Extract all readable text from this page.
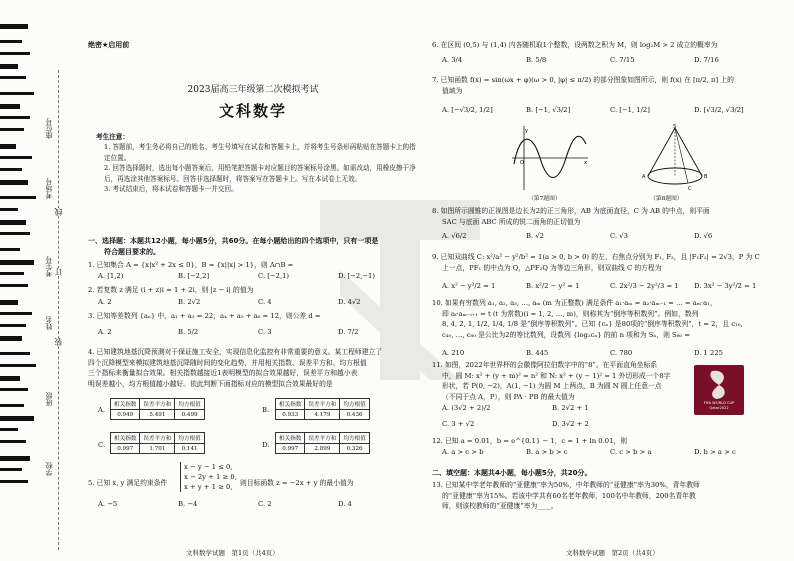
座位号
考场号
考生号
姓名
班级
学校
线
订
装
绝密★启用前
2023届高三年级第二次模拟考试
文科数学
考生注意：
1. 答题前，考生务必将自己的姓名、考生号填写在试卷和答题卡上，并将考生号条形码粘贴在答题卡上的指定位置。
2. 回答选择题时，选出每小题答案后，用铅笔把答题卡对应题目的答案标号涂黑。如需改动，用橡皮擦干净后，再选涂其他答案标号。回答非选择题时，将答案写在答题卡上。写在本试卷上无效。
3. 考试结束后，将本试卷和答题卡一并交回。
一、选择题：本题共12小题，每小题5分，共60分。在每小题给出的四个选项中，只有一项是
符合题目要求的。
1. 已知集合 A = {x|x² + 2x ≤ 0}，B = {x||x| > 1}，则 A∩B =
A. [1,2)	B. [−2,2]	C. [−2,1)	D. [−2,−1)
2. 若复数 z 满足 (i + z)i = 1 + 2i，则 |z − i| 的值为
A. 2	B. 2√2	C. 4	D. 4√2
3. 已知等差数列 {aₙ} 中，a₁ + a₃ = 22，a₄ + a₅ + a₆ = 12，则公差 d =
A. 2	B. 5/2	C. 3	D. 7/2
4. 已知建筑地基沉降预测对于保证施工安全，实现信息化监控有非常重要的意义。某工程师建立了
四个沉降模型来模拟建筑地基沉降随时间的变化趋势，并用相关指数、误差平方和、均方根值
三个指标来衡量拟合效果。相关指数越接近1表明模型的拟合效果越好，误差平方和越小表
明误差越小，均方根值越小越好。依此判断下面指标对应的模型拟合效果最好的是
A.
相关指数	误差平方和	均方根值
0.949	5.491	0.499
B.
相关指数	误差平方和	均方根值
0.933	4.179	0.436
C.
相关指数	误差平方和	均方根值
0.997	1.701	0.141	D.
相关指数	误差平方和	均方根值
0.997	2.899	0.326
5. 已知 x, y 满足约束条件
x − y − 1 ≤ 0,
x − 2y + 1 ≥ 0,
x + y + 1 ≥ 0,	则目标函数 z = −2x + y 的最小值为
A. −5	B. −4	C. 2	D. 4
文科数学试题　第1页（共4页）
6. 在区间 (0,5) 与 (1,4) 内各随机取1个整数，设两数之积为 M，则 log₂M > 2 成立的概率为
A. 3/4	B. 5/8	C. 7/15	D. 7/16
7. 已知函数 f(x) = sin(ωx + φ)(ω > 0, |φ| ≤ π/2) 的部分图象如图所示，则 f(x) 在 [π/2, π] 上的
值域为
A. [−√3/2, 1/2]	B. [−1, √3/2]	C. [−1, 1/2]	D. [√3/2, √3/2]
y
x
O
（第7题图）
S
A	B
C
（第8题图）
8. 如图所示圆锥的正视图是边长为2的正三角形，AB 为底面直径，C 为 AB 的中点，则平面
SAC 与底面 ABC 所成的锐二面角的正切值为
A. √6/2	B. √2	C. √3	D. √6
9. 已知双曲线 C: x²/a² − y²/b² = 1(a > 0, b > 0) 的左、右焦点分别为 F₁, F₂，且 |F₁F₂| = 2√3，P 为 C
上一点，PF₁ 的中点为 Q，△PF₂Q 为等边三角形，则双曲线 C 的方程为
A. x² − y²/2 = 1	B. x²/2 − y² = 1	C. 2x²/3 − 2y²/3 = 1	D. 3x² − 3y²/2 = 1
10. 如果有穷数列 a₁, a₂, a₃, …, aₘ (m 为正整数) 满足条件 a₁·aₘ = a₂·aₘ₋₁ = … = aₘ·a₁，
即 aᵢ·aₘ₋ᵢ₊₁ = t (t 为常数)(i = 1, 2, …, m)，则称其为“倒序等积数列”。例如，数列
8, 4, 2, 1, 1/2, 1/4, 1/8 是“倒序等积数列”。已知 {cₙ} 是80项的“倒序等积数列”，t = 2，且 c₁₀,
c₄₀, …, c₈₀ 是公比为2的等比数列，设数列 {log₂cₙ} 的前 n 项和为 Sₙ，则 S₈₀ =
A. 210	B. 445	C. 780	D. 1 225
11. 如图，2022年世界杯的会徽像阿拉伯数字中的“8”。在平面直角坐标系
中，圆 M: x² + (y + m)² = n² 和 N: x² + (y − 1)² = 1 外切形成一个8字
形状，若 P(0, −2)，A(1, −1) 为圆 M 上两点，B 为圆 N 圆上任意一点
（不同于点 A，P），则 PA · PB 的最大值为
A. (3√2 + 2)/2	B. 2√2 + 1
C. 3 + √2	D. 3√2 + 2
FIFA WORLD CUP
Qatar2022
12. 已知 a = 0.01，b = e^{0.1} − 1，c = 1 + ln 0.01，则
A. a > c > b	B. a > b > c	C. c > b > a	D. b > a > c
二、填空题：本题共4小题，每小题5分，共20分。
13. 已知某中学老年教师的“亚健康”率为50%，中年教师的“亚健康”率为30%，青年教师
的“亚健康”率为15%。若该中学共有60名老年教师，100名中年教师，200名青年教
师，则该校教师的“亚健康”率为____。
文科数学试题　第2页（共4页）
